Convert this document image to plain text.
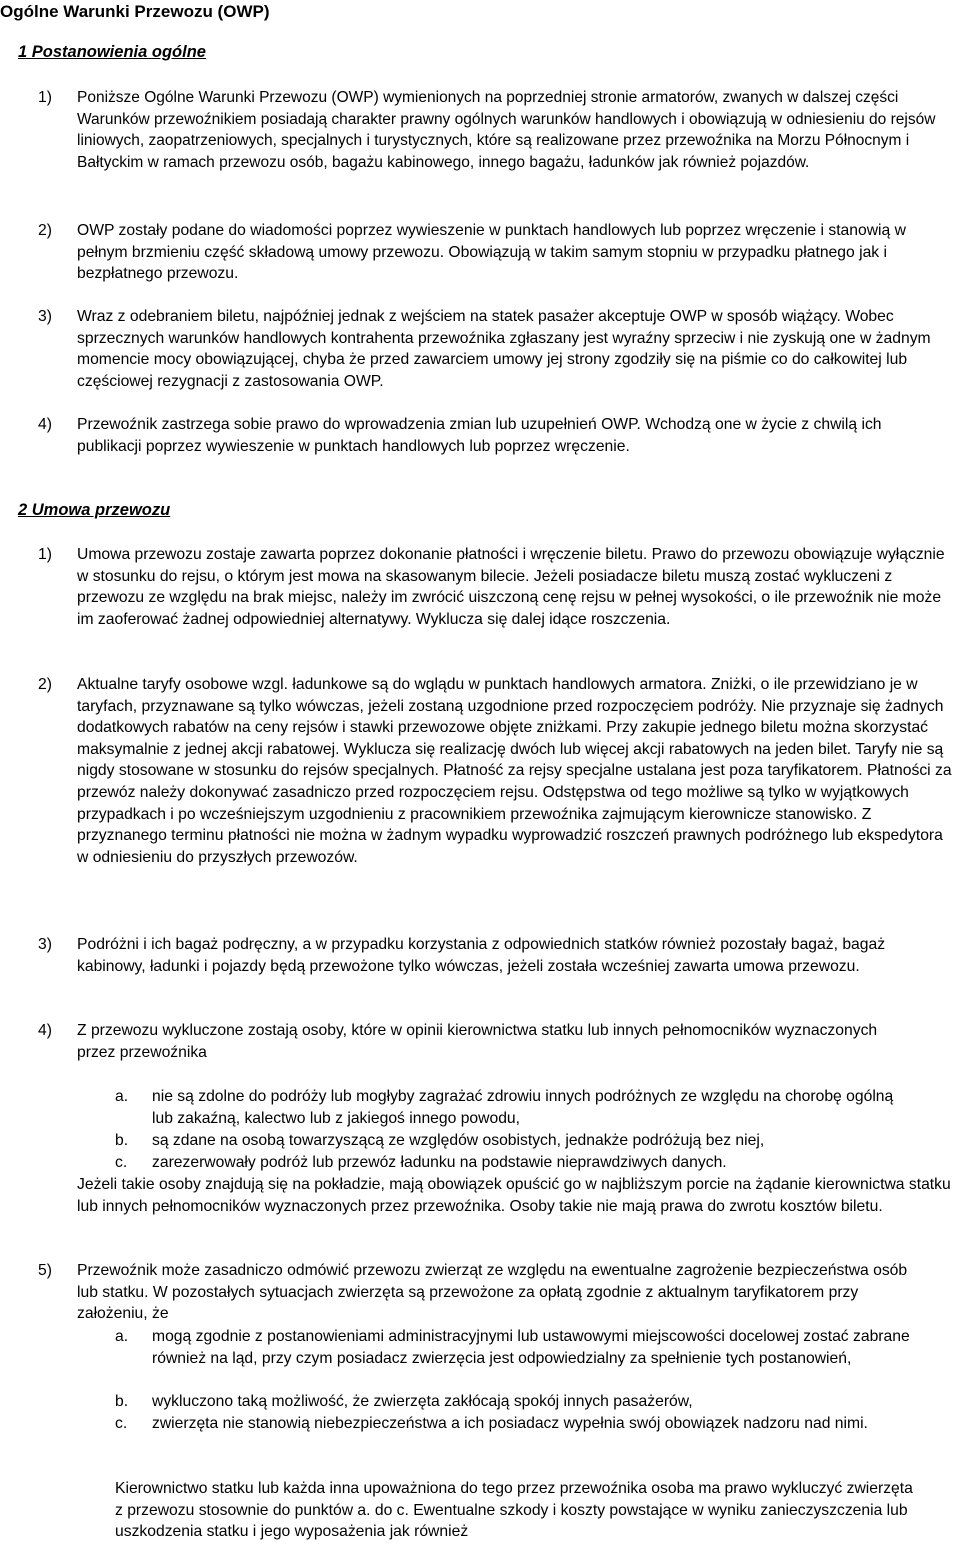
Ogólne Warunki Przewozu (OWP)
1 Postanowienia ogólne
1) Poniższe Ogólne Warunki Przewozu (OWP) wymienionych na poprzedniej stronie armatorów, zwanych w dalszej części Warunków przewoźnikiem posiadają charakter prawny ogólnych warunków handlowych i obowiązują w odniesieniu do rejsów liniowych, zaopatrzeniowych, specjalnych i turystycznych, które są realizowane przez przewoźnika na Morzu Północnym i Bałtyckim w ramach przewozu osób, bagażu kabinowego, innego bagażu, ładunków jak również pojazdów.
2) OWP zostały podane do wiadomości poprzez wywieszenie w punktach handlowych lub poprzez wręczenie i stanowią w pełnym brzmieniu część składową umowy przewozu. Obowiązują w takim samym stopniu w przypadku płatnego jak i bezpłatnego przewozu.
3) Wraz z odebraniem biletu, najpóźniej jednak z wejściem na statek pasażer akceptuje OWP w sposób wiążący. Wobec sprzecznych warunków handlowych kontrahenta przewoźnika zgłaszany jest wyraźny sprzeciw i nie zyskują one w żadnym momencie mocy obowiązującej, chyba że przed zawarciem umowy jej strony zgodziły się na piśmie co do całkowitej lub częściowej rezygnacji z zastosowania OWP.
4) Przewoźnik zastrzega sobie prawo do wprowadzenia zmian lub uzupełnień OWP. Wchodzą one w życie z chwilą ich publikacji poprzez wywieszenie w punktach handlowych lub poprzez wręczenie.
2 Umowa przewozu
1) Umowa przewozu zostaje zawarta poprzez dokonanie płatności i wręczenie biletu. Prawo do przewozu obowiązuje wyłącznie w stosunku do rejsu, o którym jest mowa na skasowanym bilecie. Jeżeli posiadacze biletu muszą zostać wykluczeni z przewozu ze względu na brak miejsc, należy im zwrócić uiszczoną cenę rejsu w pełnej wysokości, o ile przewoźnik nie może im zaoferować żadnej odpowiedniej alternatywy. Wyklucza się dalej idące roszczenia.
2) Aktualne taryfy osobowe wzgl. ładunkowe są do wglądu w punktach handlowych armatora. Zniżki, o ile przewidziano je w taryfach, przyznawane są tylko wówczas, jeżeli zostaną uzgodnione przed rozpoczęciem podróży. Nie przyznaje się żadnych dodatkowych rabatów na ceny rejsów i stawki przewozowe objęte zniżkami. Przy zakupie jednego biletu można skorzystać maksymalnie z jednej akcji rabatowej. Wyklucza się realizację dwóch lub więcej akcji rabatowych na jeden bilet. Taryfy nie są nigdy stosowane w stosunku do rejsów specjalnych. Płatność za rejsy specjalne ustalana jest poza taryfikatorem. Płatności za przewóz należy dokonywać zasadniczo przed rozpoczęciem rejsu. Odstępstwa od tego możliwe są tylko w wyjątkowych przypadkach i po wcześniejszym uzgodnieniu z pracownikiem przewoźnika zajmującym kierownicze stanowisko. Z przyznanego terminu płatności nie można w żadnym wypadku wyprowadzić roszczeń prawnych podróżnego lub ekspedytora w odniesieniu do przyszłych przewozów.
3) Podróżni i ich bagaż podręczny, a w przypadku korzystania z odpowiednich statków również pozostały bagaż, bagaż kabinowy, ładunki i pojazdy będą przewożone tylko wówczas, jeżeli została wcześniej zawarta umowa przewozu.
4) Z przewozu wykluczone zostają osoby, które w opinii kierownictwa statku lub innych pełnomocników wyznaczonych przez przewoźnika
a. nie są zdolne do podróży lub mogłyby zagrażać zdrowiu innych podróżnych ze względu na chorobę ogólną lub zakaźną, kalectwo lub z jakiegoś innego powodu,
b. są zdane na osobą towarzyszącą ze względów osobistych, jednakże podróżują bez niej,
c. zarezerwowały podróż lub przewóz ładunku na podstawie nieprawdziwych danych.
Jeżeli takie osoby znajdują się na pokładzie, mają obowiązek opuścić go w najbliższym porcie na żądanie kierownictwa statku lub innych pełnomocników wyznaczonych przez przewoźnika. Osoby takie nie mają prawa do zwrotu kosztów biletu.
5) Przewoźnik może zasadniczo odmówić przewozu zwierząt ze względu na ewentualne zagrożenie bezpieczeństwa osób lub statku. W pozostałych sytuacjach zwierzęta są przewożone za opłatą zgodnie z aktualnym taryfikatorem przy założeniu, że
a. mogą zgodnie z postanowieniami administracyjnymi lub ustawowymi miejscowości docelowej zostać zabrane również na ląd, przy czym posiadacz zwierzęcia jest odpowiedzialny za spełnienie tych postanowień,
b. wykluczono taką możliwość, że zwierzęta zakłócają spokój innych pasażerów,
c. zwierzęta nie stanowią niebezpieczeństwa a ich posiadacz wypełnia swój obowiązek nadzoru nad nimi.
Kierownictwo statku lub każda inna upoważniona do tego przez przewoźnika osoba ma prawo wykluczyć zwierzęta z przewozu stosownie do punktów a. do c. Ewentualne szkody i koszty powstające w wyniku zanieczyszczenia lub uszkodzenia statku i jego wyposażenia jak również
